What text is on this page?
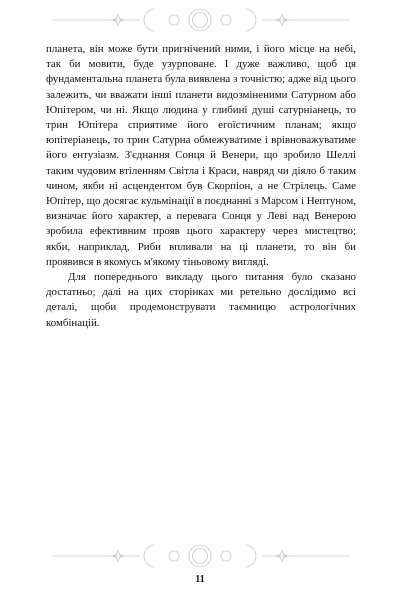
планета, він може бути пригнічений ними, і його місце на небі, так би мовити, буде узурповане. І дуже важливо, щоб ця фундаментальна планета була виявлена з точністю; адже від цього залежить, чи вважати інші планети видозміненими Сатурном або Юпітером, чи ні. Якщо людина у глибині душі сатурніанець, то трин Юпітера сприятиме його егоїстичним планам; якщо юпітеріанець, то трин Сатурна обмежуватиме і врівноважуватиме його ентузіазм. З'єднання Сонця й Венери, що зробило Шеллі таким чудовим втіленням Світла і Краси, навряд чи діяло б таким чином, якби ні асцендентом був Скорпіон, а не Стрілець. Саме Юпітер, що досягає кульмінації в поєднанні з Марсом і Нептуном, визначає його характер, а перевага Сонця у Леві над Венерою зробила ефективним прояв цього характеру через мистецтво; якби, наприклад, Риби впливали на ці планети, то він би проявився в якомусь м'якому тіньовому вигляді.

Для попереднього викладу цього питання було сказано достатньо; далі на цих сторінках ми ретельно дослідимо всі деталі, щоби продемонструвати таємницю астрологічних комбінацій.

11
